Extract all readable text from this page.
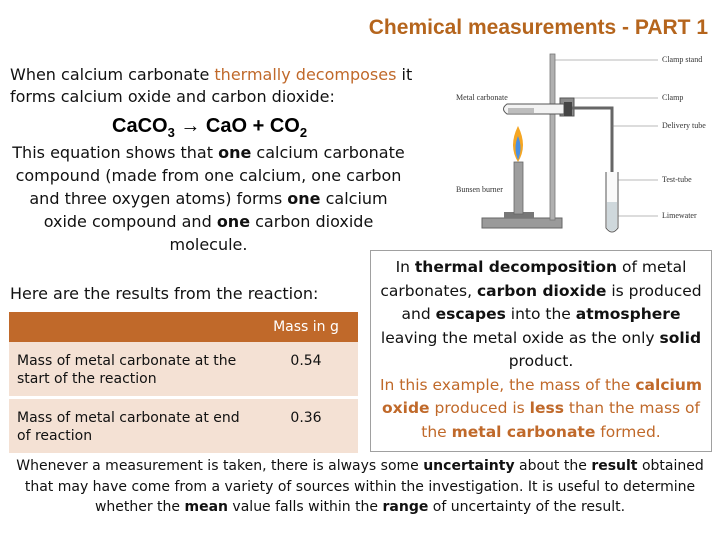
Chemical measurements - PART 1

When calcium carbonate thermally decomposes it forms calcium oxide and carbon dioxide:

CaCO$_3$ → CaO + $CO_2$

This equation shows that one calcium carbonate compound (made from one calcium, one carbon and three oxygen atoms) forms one calcium oxide compound and one carbon dioxide molecule.

Here are the results from the reaction:
	Mass in g
Mass of metal carbonate at the start of the reaction	0.54
Mass of metal carbonate at end of reaction	0.36
Clamp stand
Clamp
Delivery tube
Metal carbonate
Test-tube
Bunsen burner
Limewater
In thermal decomposition of metal carbonates, carbon dioxide is produced and escapes into the atmosphere leaving the metal oxide as the only solid product.
In this example, the mass of the calcium oxide produced is less than the mass of the metal carbonate formed.

Whenever a measurement is taken, there is always some uncertainty about the result obtained that may have come from a variety of sources within the investigation. It is useful to determine whether the mean value falls within the range of uncertainty of the result.
